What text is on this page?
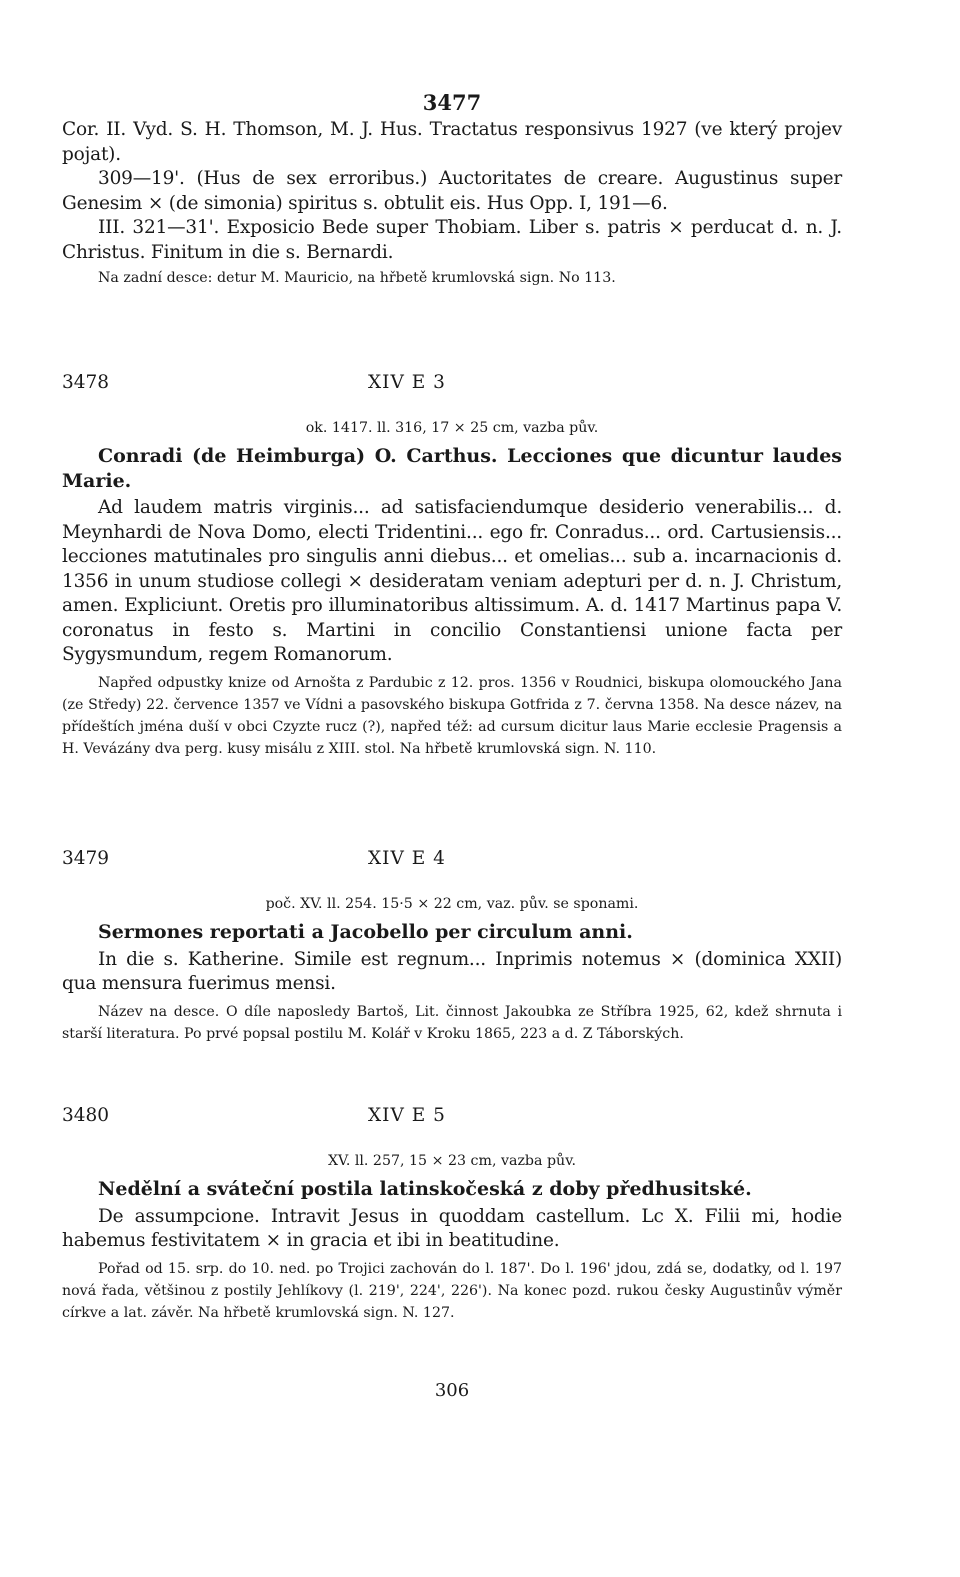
3477

Cor. II. Vyd. S. H. Thomson, M. J. Hus. Tractatus responsivus 1927 (ve který projev pojat).

309—19'. (Hus de sex erroribus.) Auctoritates de creare. Augustinus super Genesim × (de simonia) spiritus s. obtulit eis. Hus Opp. I, 191—6.

III. 321—31'. Exposicio Bede super Thobiam. Liber s. patris × perducat d. n. J. Christus. Finitum in die s. Bernardi.

Na zadní desce: detur M. Mauricio, na hřbetě krumlovská sign. No 113.

3478	XIV E 3
ok. 1417. ll. 316, 17 × 25 cm, vazba pův.

Conradi (de Heimburga) O. Carthus. Lecciones que dicuntur laudes Marie.

Ad laudem matris virginis... ad satisfaciendumque desiderio venerabilis... d. Meynhardi de Nova Domo, electi Tridentini... ego fr. Conradus... ord. Cartusiensis... lecciones matutinales pro singulis anni diebus... et omelias... sub a. incarnacionis d. 1356 in unum studiose collegi × desideratam veniam adepturi per d. n. J. Christum, amen. Expliciunt. Oretis pro illuminatoribus altissimum. A. d. 1417 Martinus papa V. coronatus in festo s. Martini in concilio Constantiensi unione facta per Sygysmundum, regem Romanorum.

Napřed odpustky knize od Arnošta z Pardubic z 12. pros. 1356 v Roudnici, biskupa olomouckého Jana (ze Středy) 22. července 1357 ve Vídni a pasovského biskupa Gotfrida z 7. června 1358. Na desce název, na přídeštích jména duší v obci Czyzte rucz (?), napřed též: ad cursum dicitur laus Marie ecclesie Pragensis a H. Vevázány dva perg. kusy misálu z XIII. stol. Na hřbetě krumlovská sign. N. 110.

3479	XIV E 4
poč. XV. ll. 254. 15·5 × 22 cm, vaz. pův. se sponami.

Sermones reportati a Jacobello per circulum anni.

In die s. Katherine. Simile est regnum... Inprimis notemus × (dominica XXII) qua mensura fuerimus mensi.

Název na desce. O díle naposledy Bartoš, Lit. činnost Jakoubka ze Stříbra 1925, 62, kdež shrnuta i starší literatura. Po prvé popsal postilu M. Kolář v Kroku 1865, 223 a d. Z Táborských.

3480	XIV E 5
XV. ll. 257, 15 × 23 cm, vazba pův.

Nedělní a sváteční postila latinskočeská z doby předhusitské.

De assumpcione. Intravit Jesus in quoddam castellum. Lc X. Filii mi, hodie habemus festivitatem × in gracia et ibi in beatitudine.

Pořad od 15. srp. do 10. ned. po Trojici zachován do l. 187'. Do l. 196' jdou, zdá se, dodatky, od l. 197 nová řada, většinou z postily Jehlíkovy (l. 219', 224', 226'). Na konec pozd. rukou česky Augustinův výměr církve a lat. závěr. Na hřbetě krumlovská sign. N. 127.

306
